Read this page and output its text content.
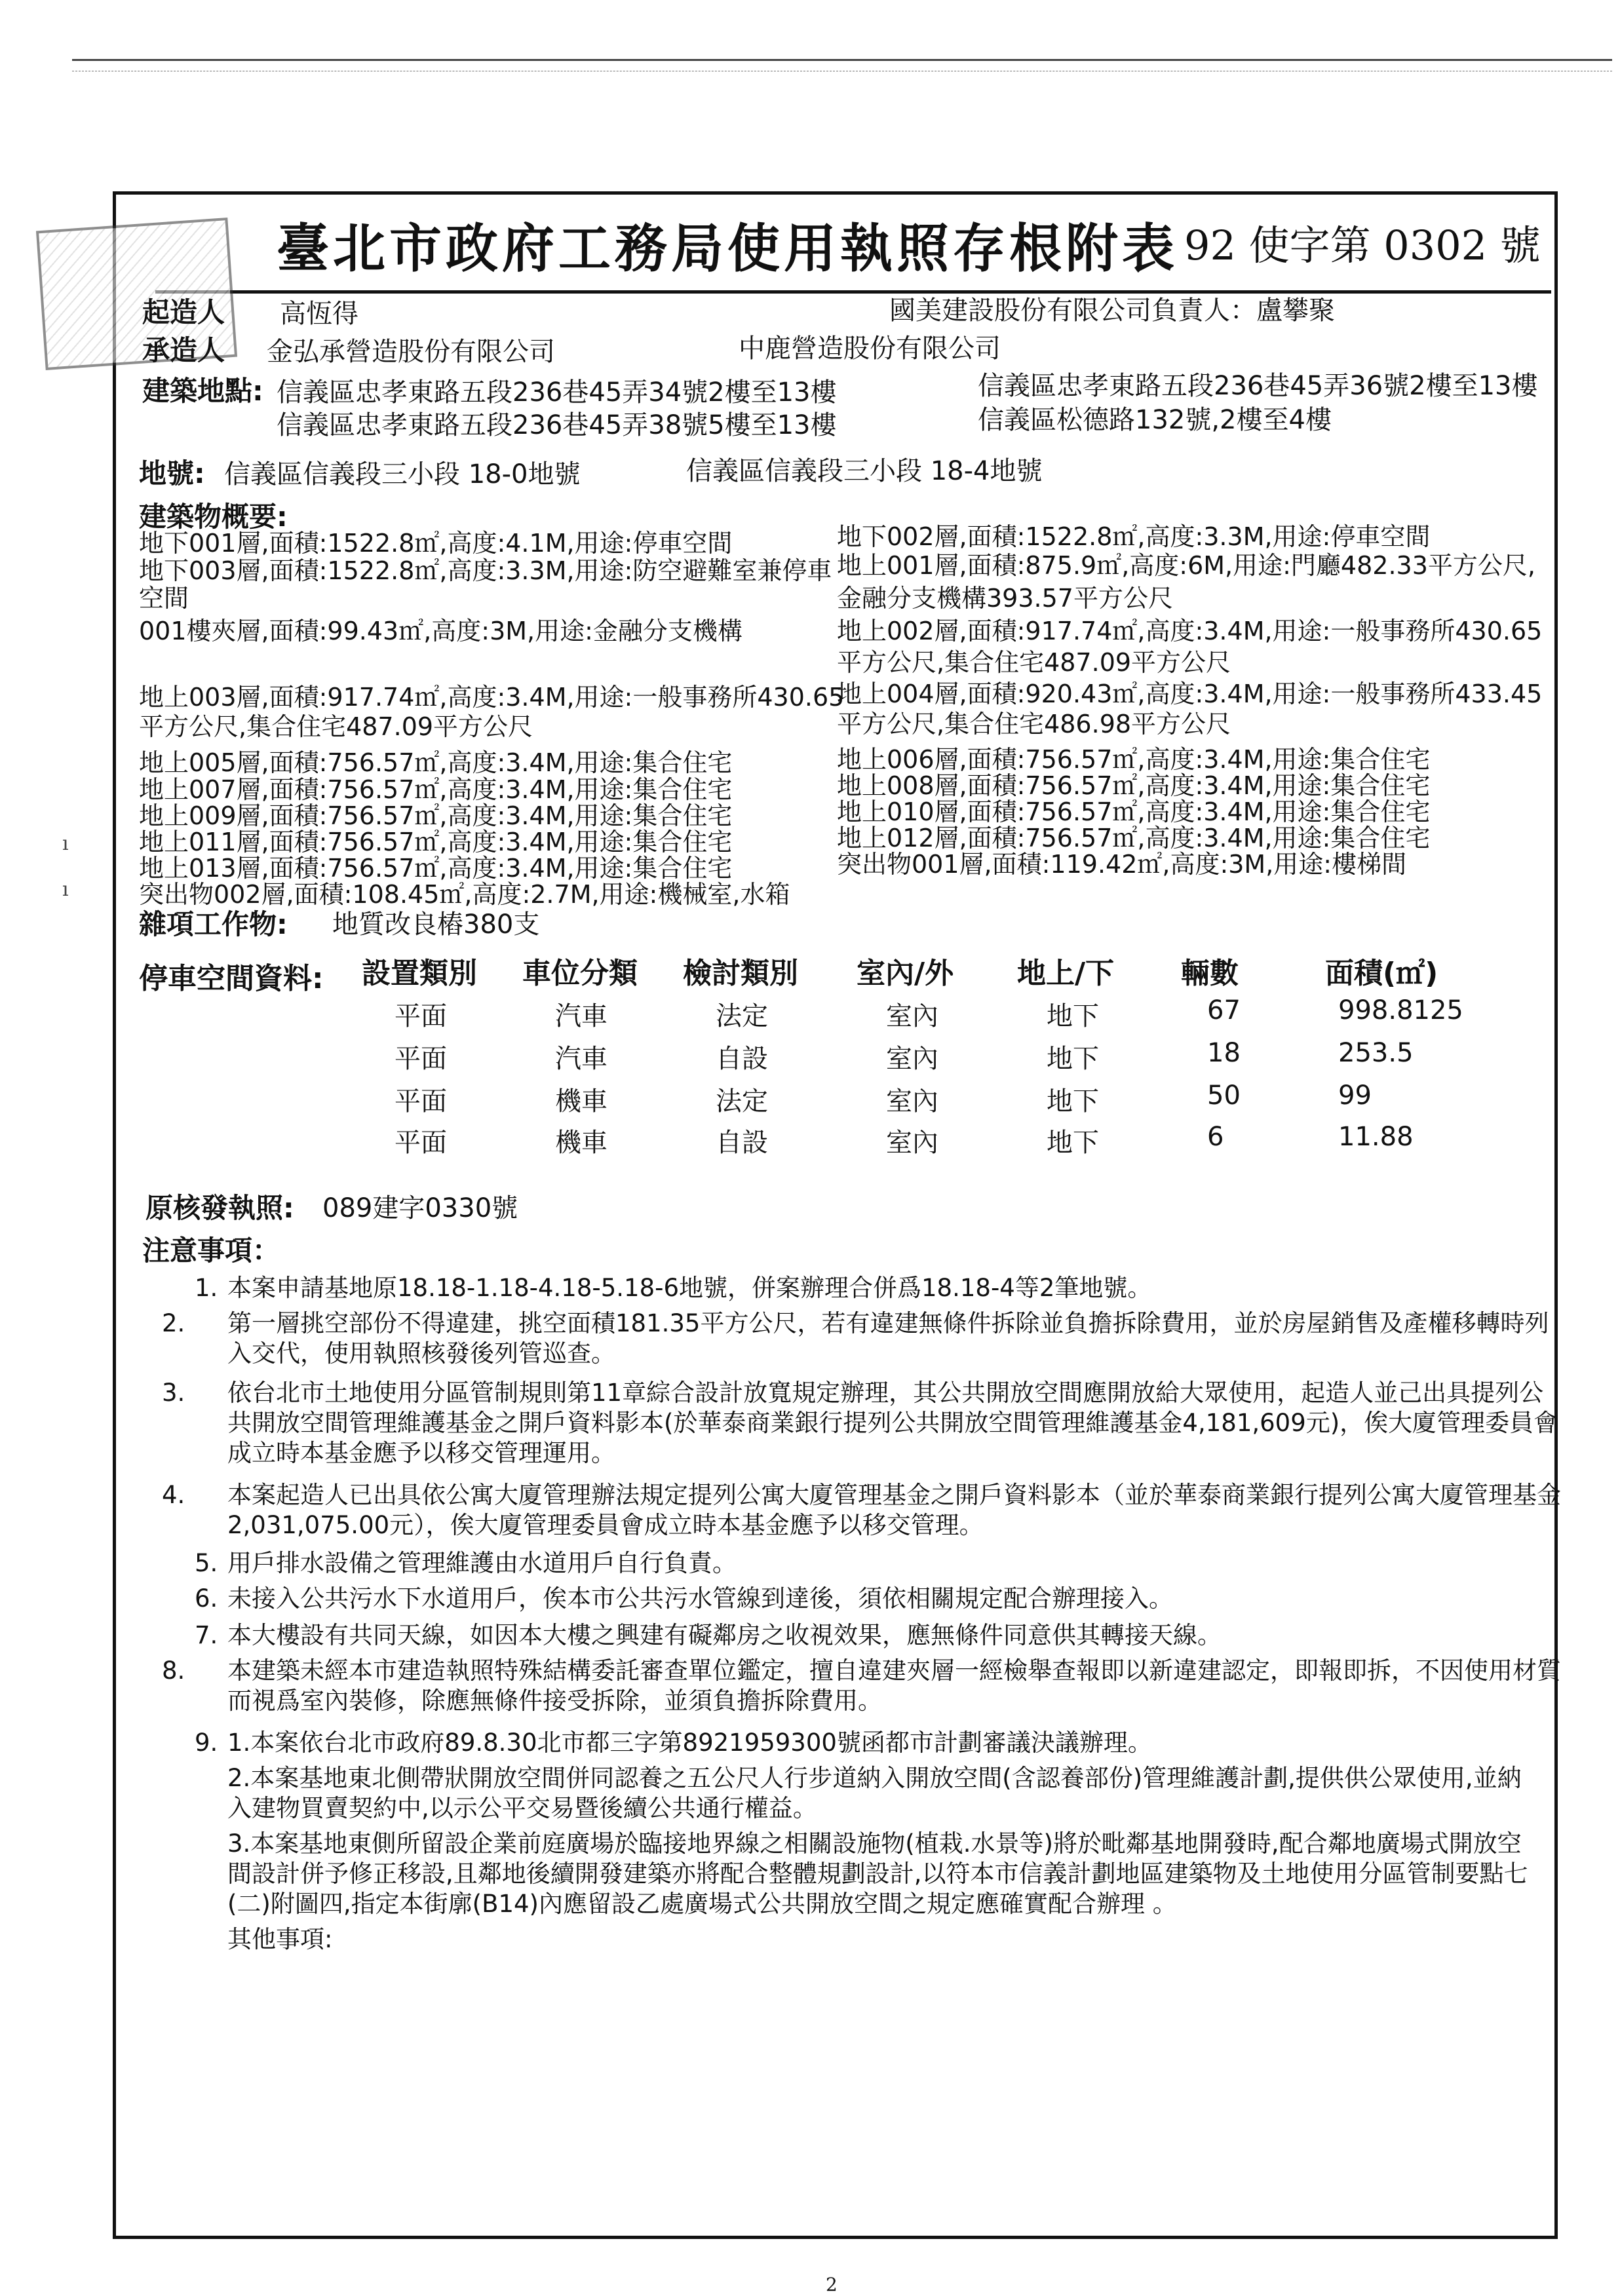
ı
ı
臺北市政府工務局使用執照存根附表 92 使字第 0302 號
起造人 高恆得	國美建設股份有限公司負責人：盧攀聚
承造人 金弘承營造股份有限公司	中鹿營造股份有限公司
建築地點: 信義區忠孝東路五段236巷45弄34號2樓至13樓	信義區忠孝東路五段236巷45弄36號2樓至13樓
信義區忠孝東路五段236巷45弄38號5樓至13樓	信義區松德路132號,2樓至4樓
地號: 信義區信義段三小段 18-0地號	信義區信義段三小段 18-4地號
建築物概要:
地下001層,面積:1522.8㎡,高度:4.1M,用途:停車空間
地下003層,面積:1522.8㎡,高度:3.3M,用途:防空避難室兼停車
空間
001樓夾層,面積:99.43㎡,高度:3M,用途:金融分支機構
地上003層,面積:917.74㎡,高度:3.4M,用途:一般事務所430.65
平方公尺,集合住宅487.09平方公尺
地上005層,面積:756.57㎡,高度:3.4M,用途:集合住宅
地上007層,面積:756.57㎡,高度:3.4M,用途:集合住宅
地上009層,面積:756.57㎡,高度:3.4M,用途:集合住宅
地上011層,面積:756.57㎡,高度:3.4M,用途:集合住宅
地上013層,面積:756.57㎡,高度:3.4M,用途:集合住宅
突出物002層,面積:108.45㎡,高度:2.7M,用途:機械室,水箱
地下002層,面積:1522.8㎡,高度:3.3M,用途:停車空間
地上001層,面積:875.9㎡,高度:6M,用途:門廳482.33平方公尺,
金融分支機構393.57平方公尺
地上002層,面積:917.74㎡,高度:3.4M,用途:一般事務所430.65
平方公尺,集合住宅487.09平方公尺
地上004層,面積:920.43㎡,高度:3.4M,用途:一般事務所433.45
平方公尺,集合住宅486.98平方公尺
地上006層,面積:756.57㎡,高度:3.4M,用途:集合住宅
地上008層,面積:756.57㎡,高度:3.4M,用途:集合住宅
地上010層,面積:756.57㎡,高度:3.4M,用途:集合住宅
地上012層,面積:756.57㎡,高度:3.4M,用途:集合住宅
突出物001層,面積:119.42㎡,高度:3M,用途:樓梯間
雜項工作物: 地質改良樁380支
停車空間資料: 設置類別 車位分類 檢討類別 室內/外 地上/下 輛數	面積(㎡)
平面	汽車	法定	室內	地下	67	998.8125
平面	汽車	自設	室內	地下	18	253.5
平面	機車	法定	室內	地下	50	99
平面	機車	自設	室內	地下	6	11.88
原核發執照: 089建字0330號
注意事項：
1. 本案申請基地原18.18-1.18-4.18-5.18-6地號，併案辦理合併爲18.18-4等2筆地號。
2. 第一層挑空部份不得違建，挑空面積181.35平方公尺，若有違建無條件拆除並負擔拆除費用，並於房屋銷售及產權移轉時列入交代，使用執照核發後列管巡查。
3. 依台北市土地使用分區管制規則第11章綜合設計放寬規定辦理，其公共開放空間應開放給大眾使用，起造人並己出具提列公共開放空間管理維護基金之開戶資料影本(於華泰商業銀行提列公共開放空間管理維護基金4,181,609元)，俟大廈管理委員會成立時本基金應予以移交管理運用。
4. 本案起造人已出具依公寓大廈管理辦法規定提列公寓大廈管理基金之開戶資料影本（並於華泰商業銀行提列公寓大廈管理基金2,031,075.00元），俟大廈管理委員會成立時本基金應予以移交管理。
5. 用戶排水設備之管理維護由水道用戶自行負責。
6. 未接入公共污水下水道用戶，俟本市公共污水管線到達後，須依相關規定配合辦理接入。
7. 本大樓設有共同天線，如因本大樓之興建有礙鄰房之收視效果，應無條件同意供其轉接天線。
8. 本建築未經本市建造執照特殊結構委託審查單位鑑定，擅自違建夾層一經檢舉查報即以新違建認定，即報即拆，不因使用材質而視爲室內裝修，除應無條件接受拆除，並須負擔拆除費用。
9. 1.本案依台北市政府89.8.30北市都三字第8921959300號函都市計劃審議決議辦理。
2.本案基地東北側帶狀開放空間併同認養之五公尺人行步道納入開放空間(含認養部份)管理維護計劃,提供供公眾使用,並納入建物買賣契約中,以示公平交易暨後續公共通行權益。
3.本案基地東側所留設企業前庭廣場於臨接地界線之相關設施物(植栽.水景等)將於毗鄰基地開發時,配合鄰地廣場式開放空間設計併予修正移設,且鄰地後續開發建築亦將配合整體規劃設計,以符本市信義計劃地區建築物及土地使用分區管制要點七(二)附圖四,指定本街廓(B14)內應留設乙處廣場式公共開放空間之規定應確實配合辦理 。
其他事項:
2
